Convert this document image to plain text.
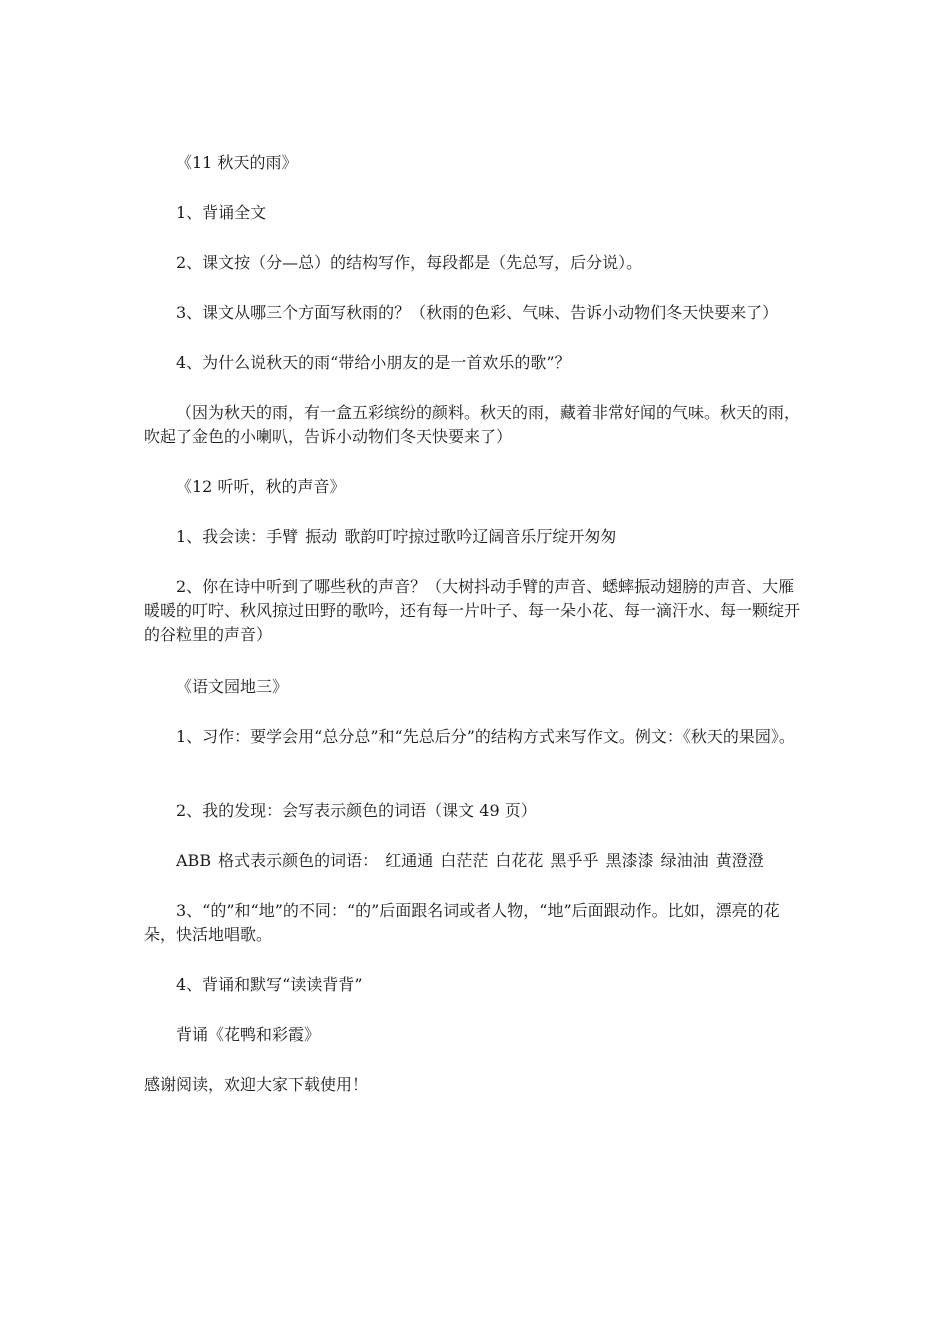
《11 秋天的雨》

1、背诵全文

2、课文按（分—总）的结构写作，每段都是（先总写，后分说）。

3、课文从哪三个方面写秋雨的？（秋雨的色彩、气味、告诉小动物们冬天快要来了）

4、为什么说秋天的雨“带给小朋友的是一首欢乐的歌”？

（因为秋天的雨，有一盒五彩缤纷的颜料。秋天的雨，藏着非常好闻的气味。秋天的雨，吹起了金色的小喇叭，告诉小动物们冬天快要来了）

《12 听听，秋的声音》

1、我会读：手臂 振动 歌韵叮咛掠过歌吟辽阔音乐厅绽开匆匆

2、你在诗中听到了哪些秋的声音？（大树抖动手臂的声音、蟋蟀振动翅膀的声音、大雁暖暖的叮咛、秋风掠过田野的歌吟，还有每一片叶子、每一朵小花、每一滴汗水、每一颗绽开的谷粒里的声音）

《语文园地三》

1、习作：要学会用“总分总”和“先总后分”的结构方式来写作文。例文：《秋天的果园》。

2、我的发现：会写表示颜色的词语（课文 49 页）

ABB 格式表示颜色的词语： 红通通 白茫茫 白花花 黑乎乎 黑漆漆 绿油油 黄澄澄

3、“的”和“地”的不同：“的”后面跟名词或者人物，“地”后面跟动作。比如，漂亮的花朵，快活地唱歌。

4、背诵和默写“读读背背”

背诵《花鸭和彩霞》

感谢阅读，欢迎大家下载使用！
